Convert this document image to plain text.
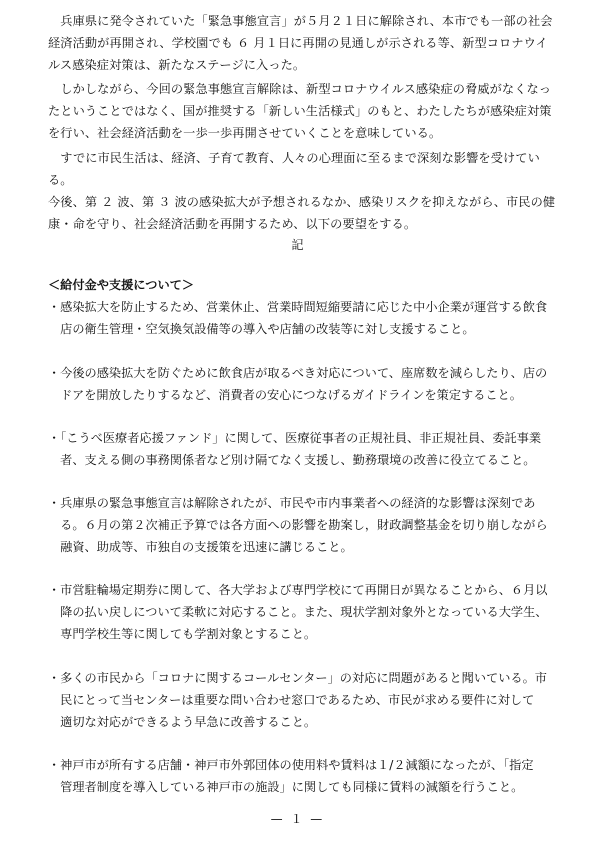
　兵庫県に発令されていた「緊急事態宣言」が５月２１日に解除され、本市でも一部の社会
経済活動が再開され、学校園でも ６ 月１日に再開の見通しが示される等、新型コロナウイ
ルス感染症対策は、新たなステージに入った。
　しかしながら、今回の緊急事態宣言解除は、新型コロナウイルス感染症の脅威がなくなっ
たということではなく、国が推奨する「新しい生活様式」のもと、わたしたちが感染症対策
を行い、社会経済活動を一歩一歩再開させていくことを意味している。
　すでに市民生活は、経済、子育て教育、人々の心理面に至るまで深刻な影響を受けている。
今後、第 ２ 波、第 ３ 波の感染拡大が予想されるなか、感染リスクを抑えながら、市民の健
康・命を守り、社会経済活動を再開するため、以下の要望をする。
記
＜給付金や支援について＞
・感染拡大を防止するため、営業休止、営業時間短縮要請に応じた中小企業が運営する飲食
　店の衛生管理・空気換気設備等の導入や店舗の改装等に対し支援すること。
・今後の感染拡大を防ぐために飲食店が取るべき対応について、座席数を減らしたり、店の
　ドアを開放したりするなど、消費者の安心につなげるガイドラインを策定すること。
・「こうべ医療者応援ファンド」に関して、医療従事者の正規社員、非正規社員、委託事業
　者、支える側の事務関係者など別け隔てなく支援し、勤務環境の改善に役立てること。
・兵庫県の緊急事態宣言は解除されたが、市民や市内事業者への経済的な影響は深刻であ
　る。６月の第２次補正予算では各方面への影響を勘案し，財政調整基金を切り崩しながら
　融資、助成等、市独自の支援策を迅速に講じること。
・市営駐輪場定期券に関して、各大学および専門学校にて再開日が異なることから、６月以
　降の払い戻しについて柔軟に対応すること。また、現状学割対象外となっている大学生、
　専門学校生等に関しても学割対象とすること。
・多くの市民から「コロナに関するコールセンター」の対応に問題があると聞いている。市
　民にとって当センターは重要な問い合わせ窓口であるため、市民が求める要件に対して
　適切な対応ができるよう早急に改善すること。
・神戸市が所有する店舗・神戸市外郭団体の使用料や賃料は１/２減額になったが、「指定
　管理者制度を導入している神戸市の施設」に関しても同様に賃料の減額を行うこと。
— １ —
